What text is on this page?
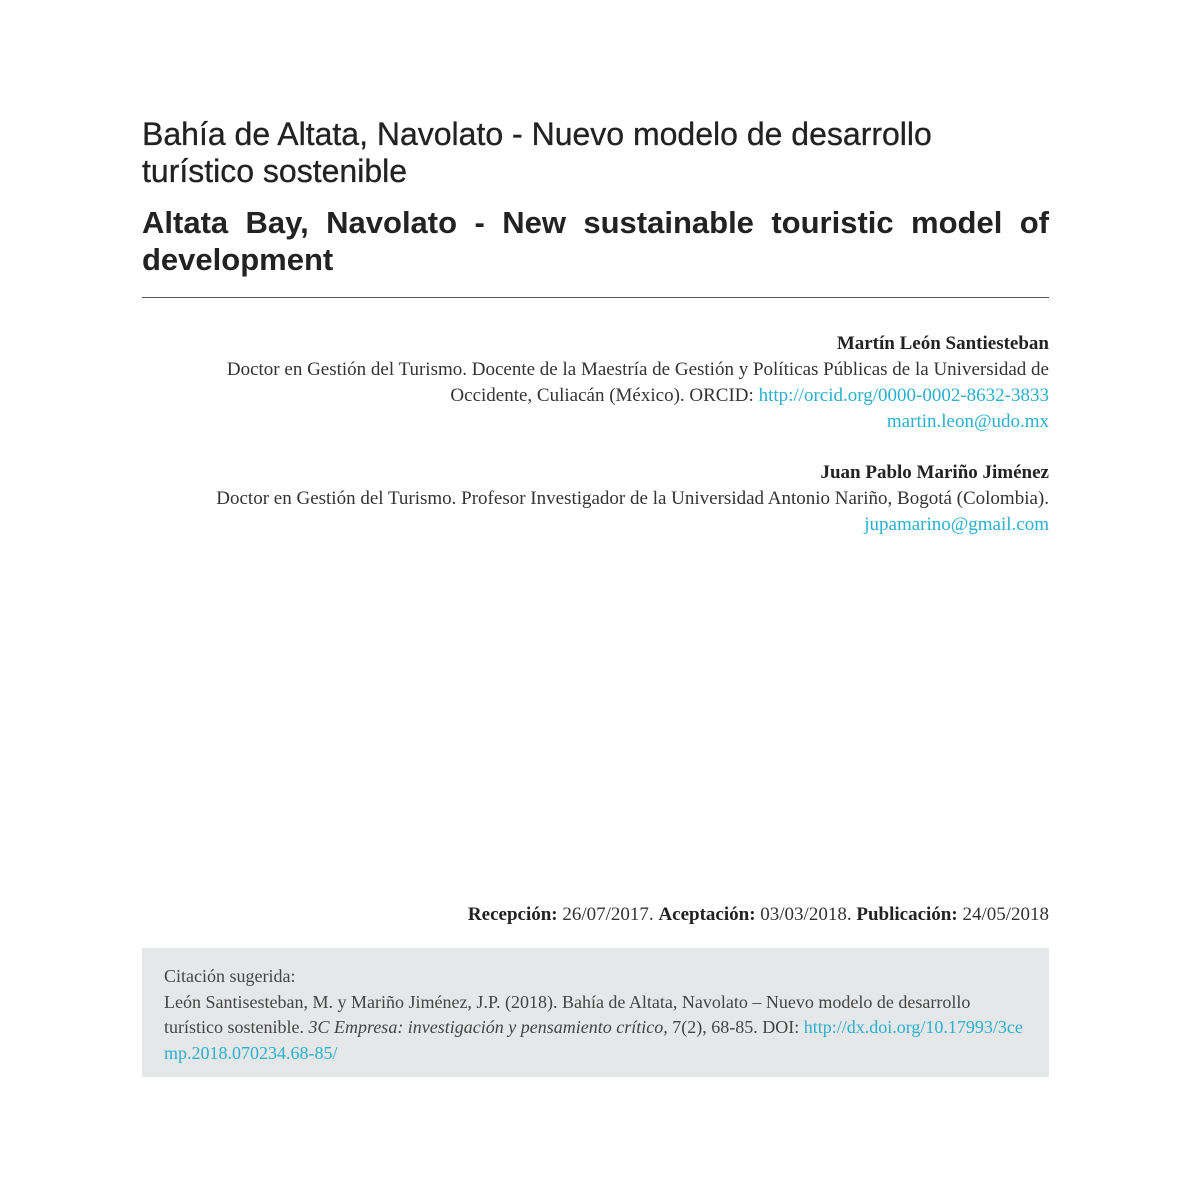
Bahía de Altata, Navolato - Nuevo modelo de desarrollo turístico sostenible
Altata Bay, Navolato - New sustainable touristic model of development
Martín León Santiesteban
Doctor en Gestión del Turismo. Docente de la Maestría de Gestión y Políticas Públicas de la Universidad de Occidente, Culiacán (México). ORCID: http://orcid.org/0000-0002-8632-3833
martin.leon@udo.mx
Juan Pablo Mariño Jiménez
Doctor en Gestión del Turismo. Profesor Investigador de la Universidad Antonio Nariño, Bogotá (Colombia).
jupamarino@gmail.com
Recepción: 26/07/2017. Aceptación: 03/03/2018. Publicación: 24/05/2018

Citación sugerida:

León Santisesteban, M. y Mariño Jiménez, J.P. (2018). Bahía de Altata, Navolato – Nuevo modelo de desarrollo turístico sostenible. 3C Empresa: investigación y pensamiento crítico, 7(2), 68-85. DOI: http://dx.doi.org/10.17993/3cemp.2018.070234.68-85/
